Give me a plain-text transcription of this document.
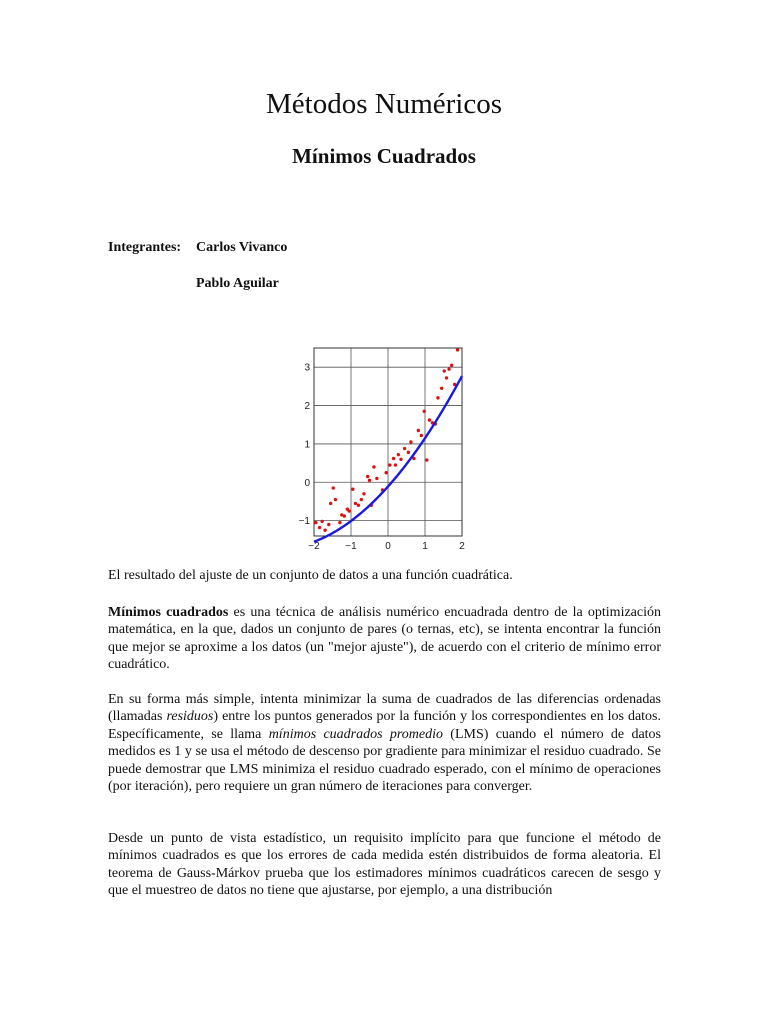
Métodos Numéricos
Mínimos Cuadrados
Integrantes: Carlos Vivanco
Pablo Aguilar
−2	−1	0	1	2
−1
0
1
2
3

El resultado del ajuste de un conjunto de datos a una función cuadrática.

Mínimos cuadrados es una técnica de análisis numérico encuadrada dentro de la optimización matemática, en la que, dados un conjunto de pares (o ternas, etc), se intenta encontrar la función que mejor se aproxime a los datos (un "mejor ajuste"), de acuerdo con el criterio de mínimo error cuadrático.

En su forma más simple, intenta minimizar la suma de cuadrados de las diferencias ordenadas (llamadas residuos) entre los puntos generados por la función y los correspondientes en los datos. Específicamente, se llama mínimos cuadrados promedio (LMS) cuando el número de datos medidos es 1 y se usa el método de descenso por gradiente para minimizar el residuo cuadrado. Se puede demostrar que LMS minimiza el residuo cuadrado esperado, con el mínimo de operaciones (por iteración), pero requiere un gran número de iteraciones para converger.

Desde un punto de vista estadístico, un requisito implícito para que funcione el método de mínimos cuadrados es que los errores de cada medida estén distribuidos de forma aleatoria. El teorema de Gauss-Márkov prueba que los estimadores mínimos cuadráticos carecen de sesgo y que el muestreo de datos no tiene que ajustarse, por ejemplo, a una distribución
